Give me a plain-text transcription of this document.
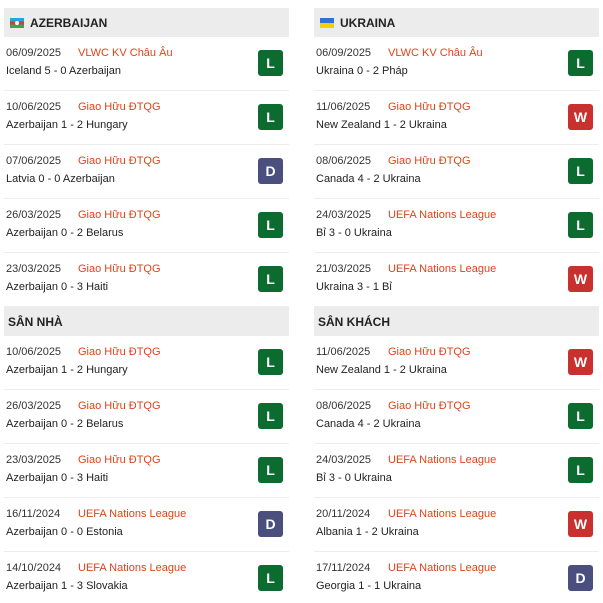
AZERBAIJAN
06/09/2025 VLWC KV Châu Âu
Iceland 5 - 0 Azerbaijan	L
10/06/2025 Giao Hữu ĐTQG
Azerbaijan 1 - 2 Hungary	L
07/06/2025 Giao Hữu ĐTQG
Latvia 0 - 0 Azerbaijan	D
26/03/2025 Giao Hữu ĐTQG
Azerbaijan 0 - 2 Belarus	L
23/03/2025 Giao Hữu ĐTQG
Azerbaijan 0 - 3 Haiti	L
SÂN NHÀ
10/06/2025 Giao Hữu ĐTQG
Azerbaijan 1 - 2 Hungary	L
26/03/2025 Giao Hữu ĐTQG
Azerbaijan 0 - 2 Belarus	L
23/03/2025 Giao Hữu ĐTQG
Azerbaijan 0 - 3 Haiti	L
16/11/2024 UEFA Nations League
Azerbaijan 0 - 0 Estonia	D
14/10/2024 UEFA Nations League
Azerbaijan 1 - 3 Slovakia	L
UKRAINA
06/09/2025 VLWC KV Châu Âu
Ukraina 0 - 2 Pháp	L
11/06/2025 Giao Hữu ĐTQG
New Zealand 1 - 2 Ukraina	W
08/06/2025 Giao Hữu ĐTQG
Canada 4 - 2 Ukraina	L
24/03/2025 UEFA Nations League
Bỉ 3 - 0 Ukraina	L
21/03/2025 UEFA Nations League
Ukraina 3 - 1 Bỉ	W
SÂN KHÁCH
11/06/2025 Giao Hữu ĐTQG
New Zealand 1 - 2 Ukraina	W
08/06/2025 Giao Hữu ĐTQG
Canada 4 - 2 Ukraina	L
24/03/2025 UEFA Nations League
Bỉ 3 - 0 Ukraina	L
20/11/2024 UEFA Nations League
Albania 1 - 2 Ukraina	W
17/11/2024 UEFA Nations League
Georgia 1 - 1 Ukraina	D
